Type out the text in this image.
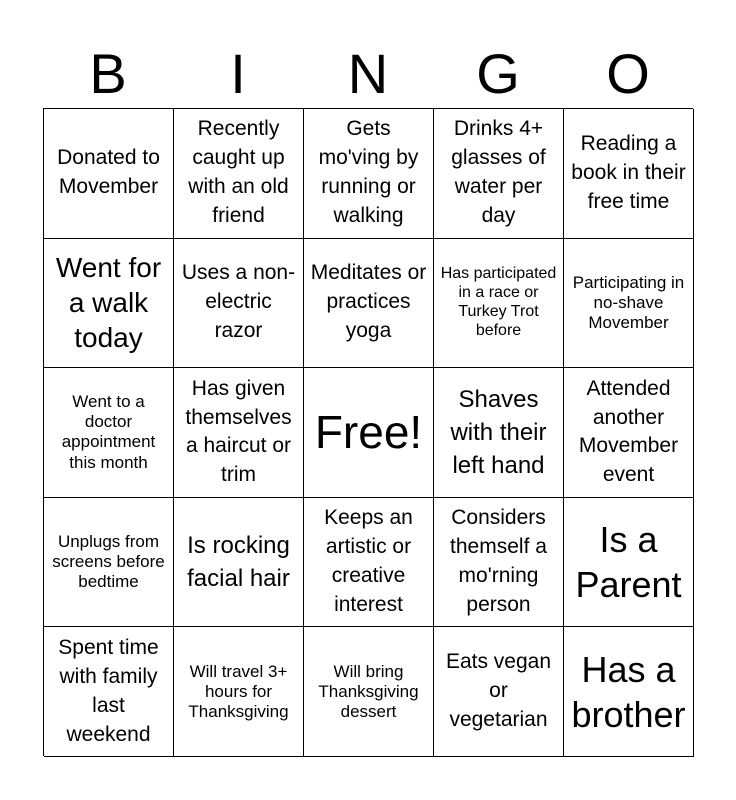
B	I	N	G	O
Donated to Movember
Recently caught up with an old friend
Gets mo'ving by running or walking
Drinks 4+ glasses of water per day
Reading a book in their free time
Went for a walk today
Uses a non-electric razor
Meditates or practices yoga
Has participated in a race or Turkey Trot before
Participating in no-shave Movember
Went to a doctor appointment this month
Has given themselves a haircut or trim
Free!
Shaves with their left hand
Attended another Movember event
Unplugs from screens before bedtime
Is rocking facial hair
Keeps an artistic or creative interest
Considers themself a mo'rning person
Is a Parent
Spent time with family last weekend
Will travel 3+ hours for Thanksgiving
Will bring Thanksgiving dessert
Eats vegan or vegetarian
Has a brother
